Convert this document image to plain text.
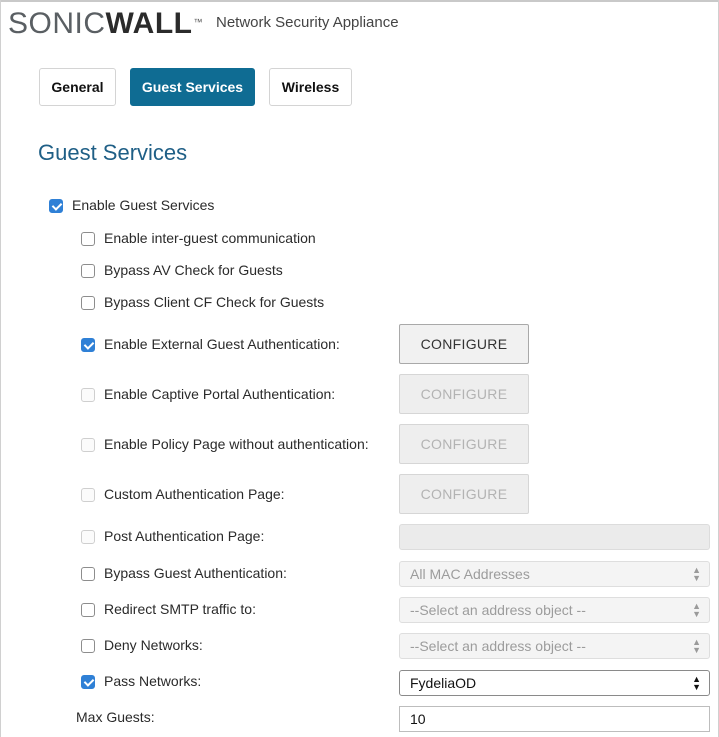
SONICWALL™ Network Security Appliance
General	Guest Services	Wireless
Guest Services
Enable Guest Services
Enable inter-guest communication
Bypass AV Check for Guests
Bypass Client CF Check for Guests
Enable External Guest Authentication:	CONFIGURE
Enable Captive Portal Authentication:	CONFIGURE
Enable Policy Page without authentication:	CONFIGURE
Custom Authentication Page:	CONFIGURE
Post Authentication Page:
Bypass Guest Authentication:	All MAC Addresses	▲
▼
Redirect SMTP traffic to:	--Select an address object --	▲
▼
Deny Networks:	--Select an address object --	▲
▼
Pass Networks:	FydeliaOD	▲
▼
Max Guests:	10
